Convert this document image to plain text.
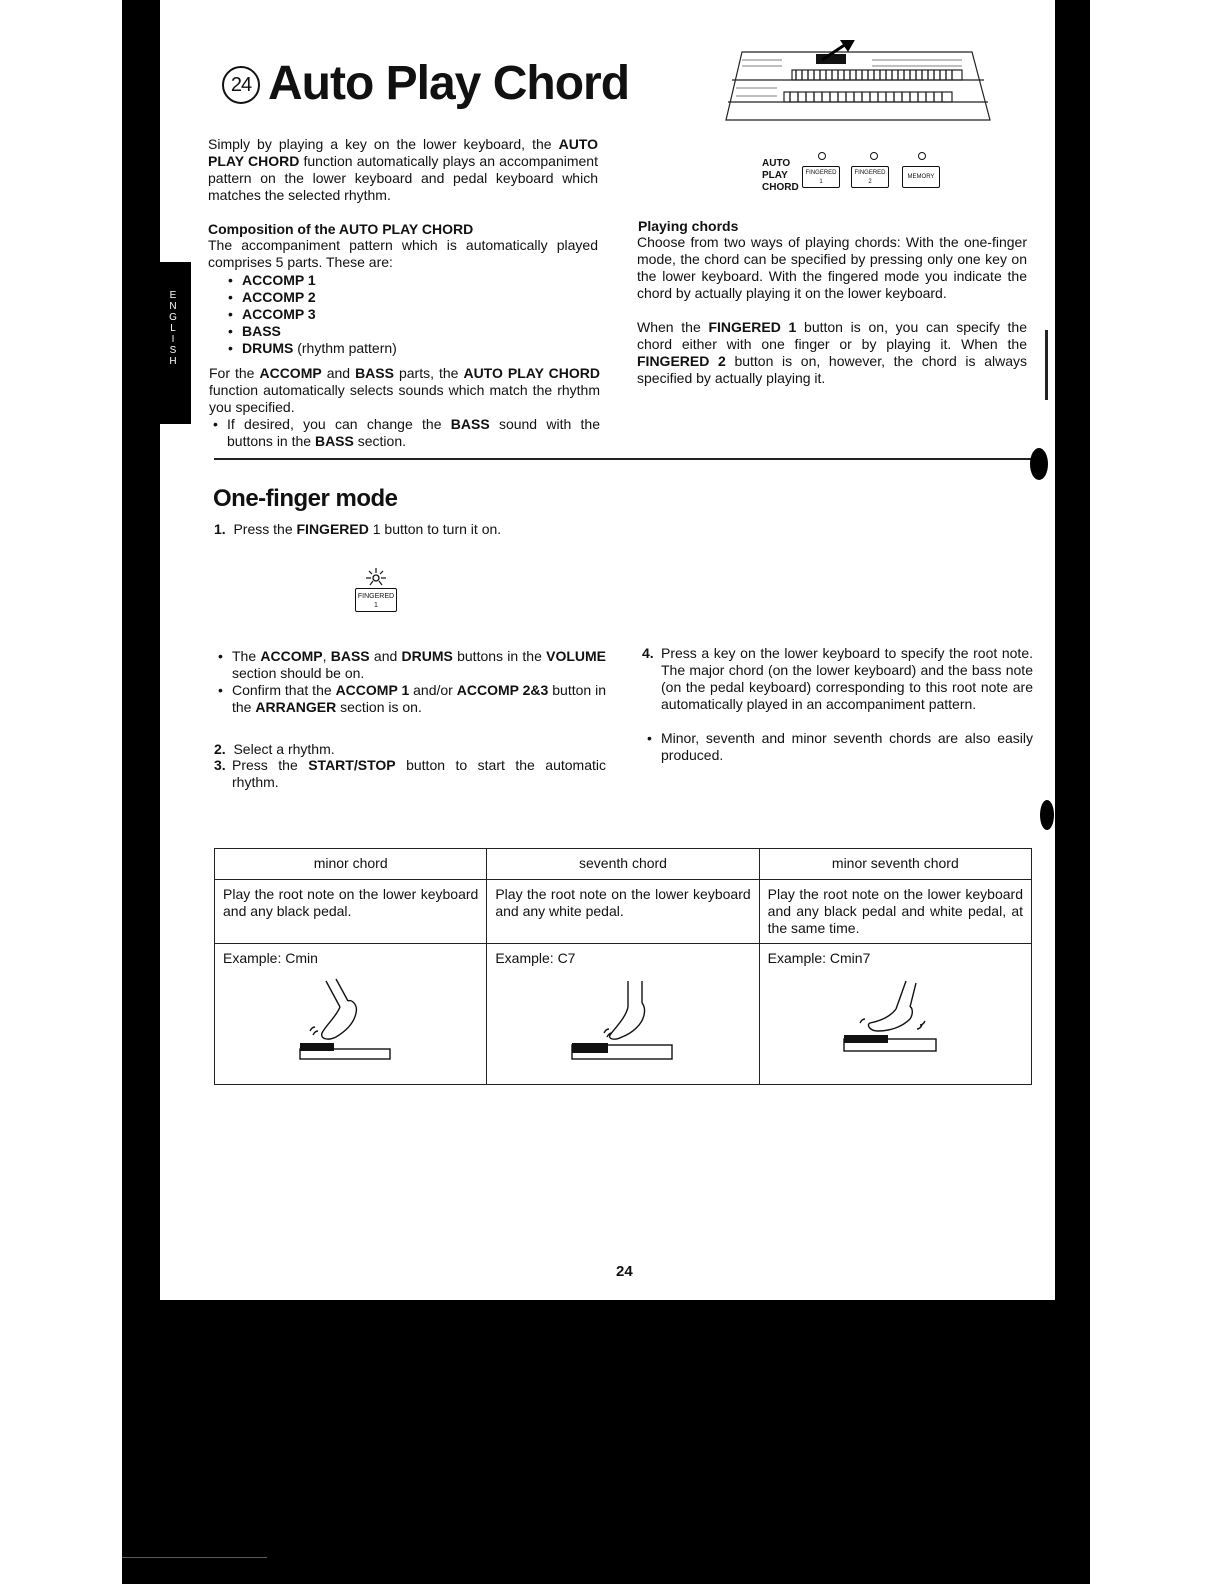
E
N
G
L
I
S
H
24 Auto Play Chord
AUTO
PLAY
CHORD
FINGERED
1
FINGERED
2
MEMORY

Simply by playing a key on the lower keyboard, the AUTO PLAY CHORD function automatically plays an accompaniment pattern on the lower keyboard and pedal keyboard which matches the selected rhythm.

Composition of the AUTO PLAY CHORD

The accompaniment pattern which is automatically played comprises 5 parts. These are:

• ACCOMP 1
• ACCOMP 2
• ACCOMP 3
• BASS
• DRUMS (rhythm pattern)

For the ACCOMP and BASS parts, the AUTO PLAY CHORD function automatically selects sounds which match the rhythm you specified.

• If desired, you can change the BASS sound with the buttons in the BASS section.
Playing chords

Choose from two ways of playing chords: With the one-finger mode, the chord can be specified by pressing only one key on the lower keyboard. With the fingered mode you indicate the chord by actually playing it on the lower keyboard.

When the FINGERED 1 button is on, you can specify the chord either with one finger or by playing it. When the FINGERED 2 button is on, however, the chord is always specified by actually playing it.

One-finger mode

1. Press the FINGERED 1 button to turn it on.

FINGERED
1
• The ACCOMP, BASS and DRUMS buttons in the VOLUME section should be on.
• Confirm that the ACCOMP 1 and/or ACCOMP 2&3 button in the ARRANGER section is on.

2. Select a rhythm.

3. Press the START/STOP button to start the automatic rhythm.
4. Press a key on the lower keyboard to specify the root note. The major chord (on the lower keyboard) and the bass note (on the pedal keyboard) corresponding to this root note are automatically played in an accompaniment pattern.
• Minor, seventh and minor seventh chords are also easily produced.
minor chord	seventh chord	minor seventh chord
Play the root note on the lower keyboard and any black pedal.	Play the root note on the lower keyboard and any white pedal.	Play the root note on the lower keyboard and any black pedal and white pedal, at the same time.

Example: Cmin	Example: C7	Example: Cmin7

24
